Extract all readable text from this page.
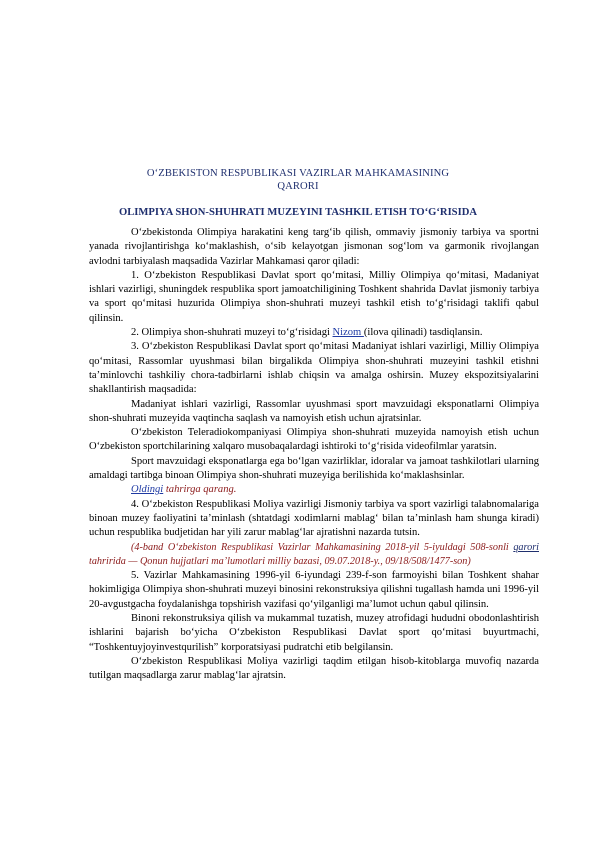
O‘ZBEKISTON RESPUBLIKASI VAZIRLAR MAHKAMASINING
QARORI
OLIMPIYA SHON-SHUHRATI MUZEYINI TASHKIL ETISH TO‘G‘RISIDA

O‘zbekistonda Olimpiya harakatini keng targ‘ib qilish, ommaviy jismoniy tarbiya va sportni yanada rivojlantirishga ko‘maklashish, o‘sib kelayotgan jismonan sog‘lom va garmonik rivojlangan avlodni tarbiyalash maqsadida Vazirlar Mahkamasi qaror qiladi:

1. O‘zbekiston Respublikasi Davlat sport qo‘mitasi, Milliy Olimpiya qo‘mitasi, Madaniyat ishlari vazirligi, shuningdek respublika sport jamoatchiligining Toshkent shahrida Davlat jismoniy tarbiya va sport qo‘mitasi huzurida Olimpiya shon-shuhrati muzeyi tashkil etish to‘g‘risidagi taklifi qabul qilinsin.

2. Olimpiya shon-shuhrati muzeyi to‘g‘risidagi Nizom (ilova qilinadi) tasdiqlansin.

3. O‘zbekiston Respublikasi Davlat sport qo‘mitasi Madaniyat ishlari vazirligi, Milliy Olimpiya qo‘mitasi, Rassomlar uyushmasi bilan birgalikda Olimpiya shon-shuhrati muzeyini tashkil etishni ta’minlovchi tashkiliy chora-tadbirlarni ishlab chiqsin va amalga oshirsin. Muzey ekspozitsiyalarini shakllantirish maqsadida:

Madaniyat ishlari vazirligi, Rassomlar uyushmasi sport mavzuidagi eksponatlarni Olimpiya shon-shuhrati muzeyida vaqtincha saqlash va namoyish etish uchun ajratsinlar.

O‘zbekiston Teleradiokompaniyasi Olimpiya shon-shuhrati muzeyida namoyish etish uchun O‘zbekiston sportchilarining xalqaro musobaqalardagi ishtiroki to‘g‘risida videofilmlar yaratsin.

Sport mavzuidagi eksponatlarga ega bo‘lgan vazirliklar, idoralar va jamoat tashkilotlari ularning amaldagi tartibga binoan Olimpiya shon-shuhrati muzeyiga berilishida ko‘maklashsinlar.

Oldingi tahrirga qarang.

4. O‘zbekiston Respublikasi Moliya vazirligi Jismoniy tarbiya va sport vazirligi talabnomalariga binoan muzey faoliyatini ta’minlash (shtatdagi xodimlarni mablag‘ bilan ta’minlash ham shunga kiradi) uchun respublika budjetidan har yili zarur mablag‘lar ajratishni nazarda tutsin.

(4-band O‘zbekiston Respublikasi Vazirlar Mahkamasining 2018-yil 5-iyuldagi 508-sonli qarori tahririda — Qonun hujjatlari ma’lumotlari milliy bazasi, 09.07.2018-y., 09/18/508/1477-son)

5. Vazirlar Mahkamasining 1996-yil 6-iyundagi 239-f-son farmoyishi bilan Toshkent shahar hokimligiga Olimpiya shon-shuhrati muzeyi binosini rekonstruksiya qilishni tugallash hamda uni 1996-yil 20-avgustgacha foydalanishga topshirish vazifasi qo‘yilganligi ma’lumot uchun qabul qilinsin.

Binoni rekonstruksiya qilish va mukammal tuzatish, muzey atrofidagi hududni obodonlashtirish ishlarini bajarish bo‘yicha O‘zbekiston Respublikasi Davlat sport qo‘mitasi buyurtmachi, “Toshkentuyjoyinvestqurilish” korporatsiyasi pudratchi etib belgilansin.

O‘zbekiston Respublikasi Moliya vazirligi taqdim etilgan hisob-kitoblarga muvofiq nazarda tutilgan maqsadlarga zarur mablag‘lar ajratsin.
